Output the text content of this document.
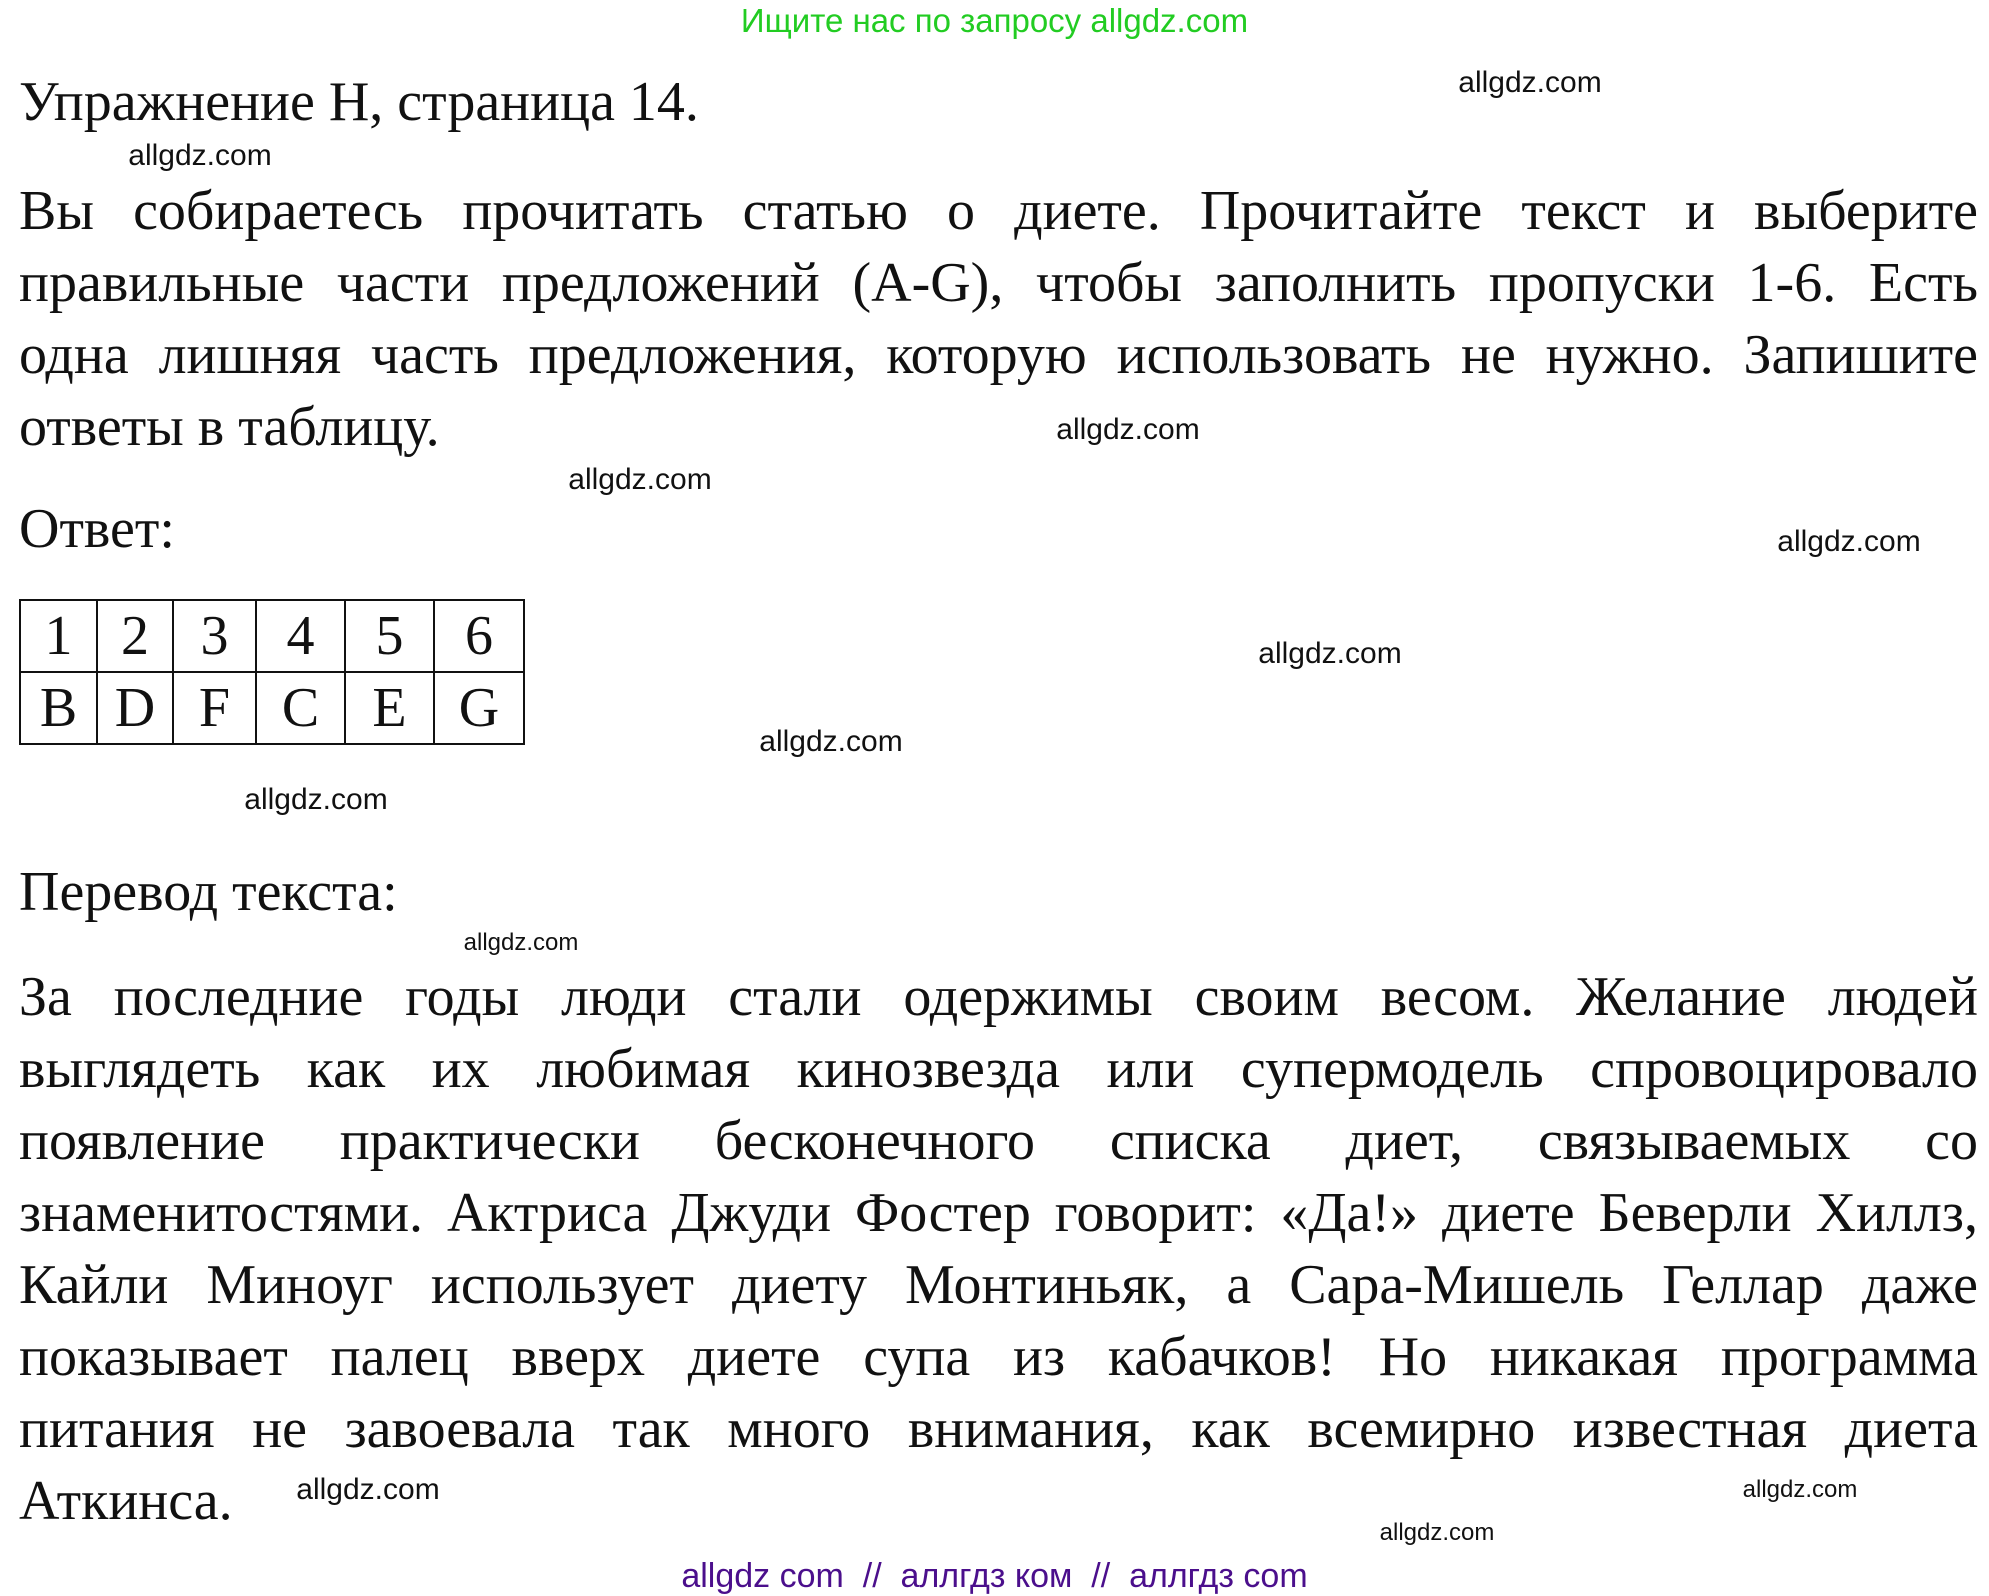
Ищите нас по запросу allgdz.com
Упражнение H, страница 14.
Вы собираетесь прочитать статью о диете. Прочитайте текст и выберите
правильные части предложений (A-G), чтобы заполнить пропуски 1-6. Есть
одна лишняя часть предложения, которую использовать не нужно. Запишите
ответы в таблицу.
Ответ:
1	2	3	4	5	6
B	D	F	C	E	G
Перевод текста:
За последние годы люди стали одержимы своим весом. Желание людей
выглядеть как их любимая кинозвезда или супермодель спровоцировало
появление практически бесконечного списка диет, связываемых со
знаменитостями. Актриса Джуди Фостер говорит: «Да!» диете Беверли Хиллз,
Кайли Миноуг использует диету Монтиньяк, а Сара-Мишель Геллар даже
показывает палец вверх диете супа из кабачков! Но никакая программа
питания не завоевала так много внимания, как всемирно известная диета
Аткинса.
allgdz.com
allgdz.com
allgdz.com
allgdz.com
allgdz.com
allgdz.com
allgdz.com
allgdz.com
allgdz.com
allgdz.com
allgdz.com
allgdz.com
allgdz com  //  аллгдз ком  //  аллгдз com
